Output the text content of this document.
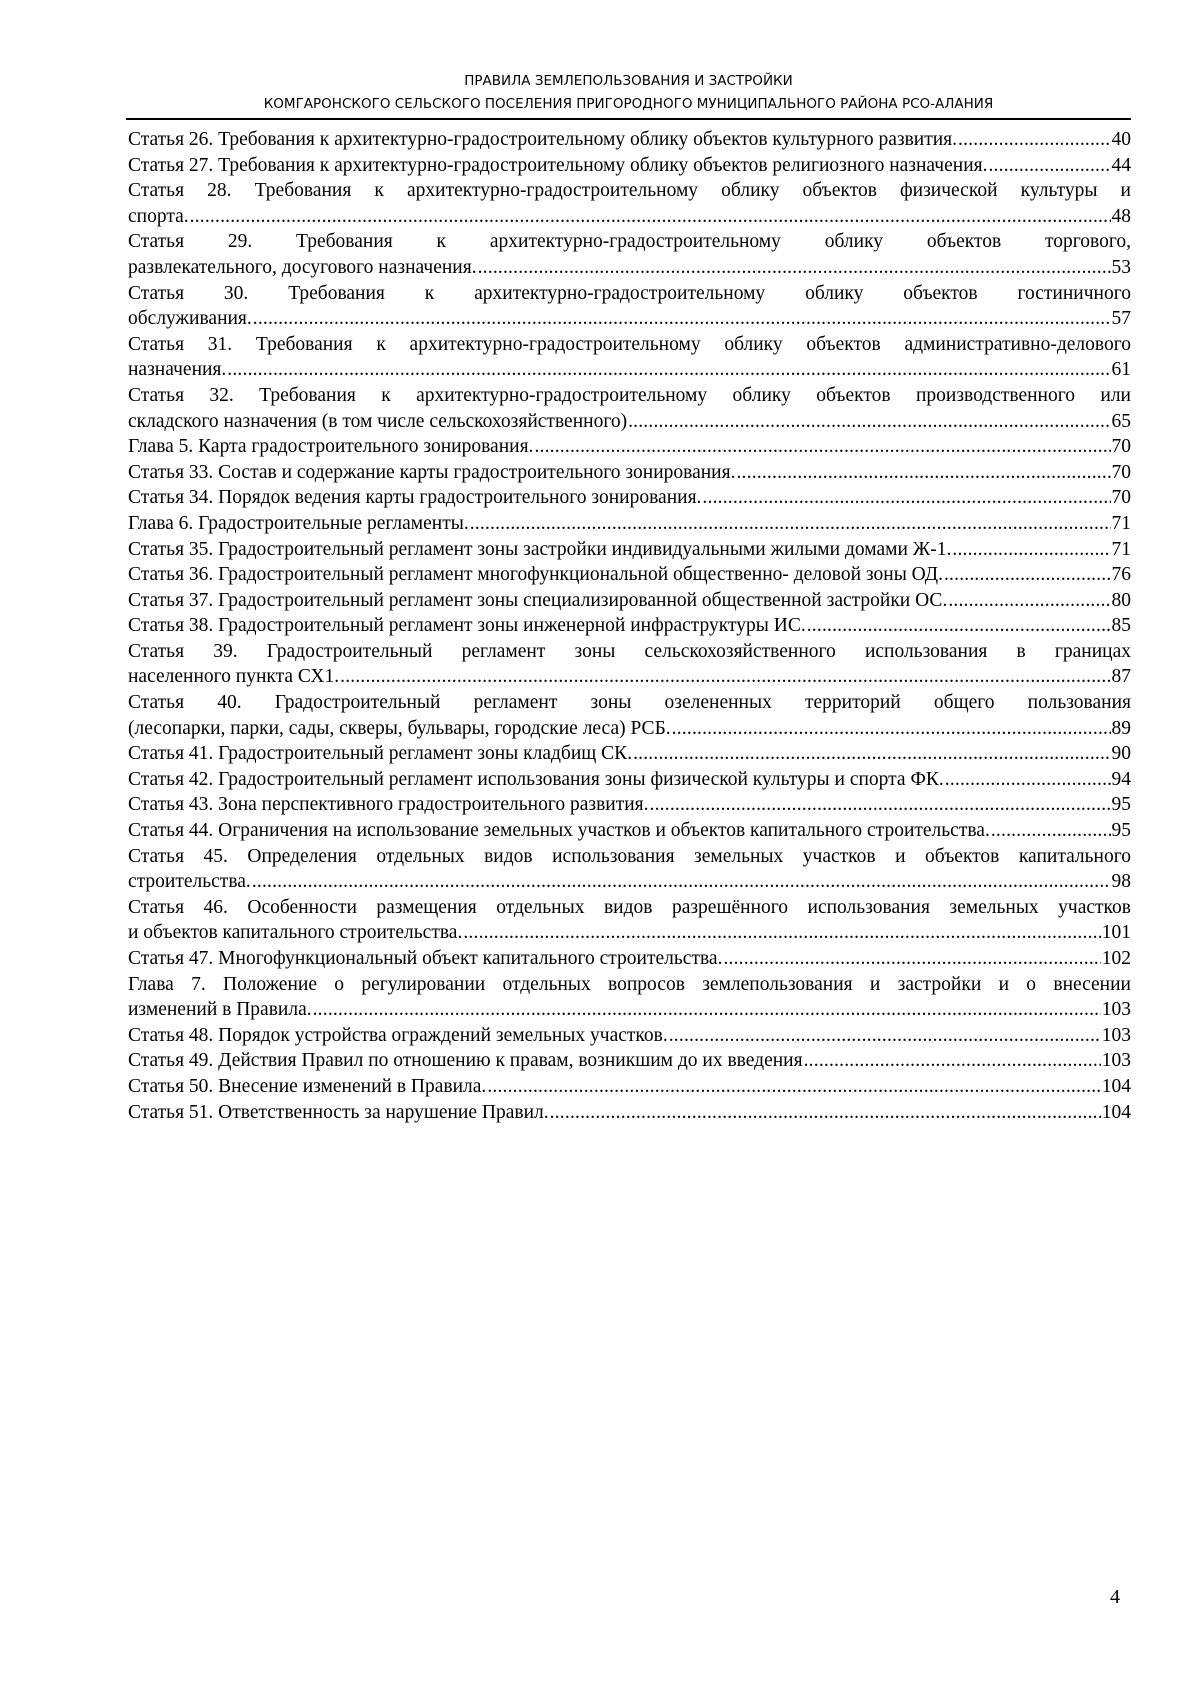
ПРАВИЛА ЗЕМЛЕПОЛЬЗОВАНИЯ И ЗАСТРОЙКИ
КОМГАРОНСКОГО СЕЛЬСКОГО ПОСЕЛЕНИЯ ПРИГОРОДНОГО МУНИЦИПАЛЬНОГО РАЙОНА РСО-АЛАНИЯ
Статья 26. Требования к архитектурно-градостроительному облику объектов культурного развития. .....	40
Статья 27. Требования к архитектурно-градостроительному облику объектов религиозного назначения. .....	44
Статья 28. Требования к архитектурно-градостроительному облику объектов физической культуры и
спорта. .....	48
Статья 29. Требования к архитектурно-градостроительному облику объектов торгового,
развлекательного, досугового назначения. .....	53
Статья 30. Требования к архитектурно-градостроительному облику объектов гостиничного
обслуживания. .....	57
Статья 31. Требования к архитектурно-градостроительному облику объектов административно-делового
назначения. .....	61
Статья 32. Требования к архитектурно-градостроительному облику объектов производственного или
складского назначения (в том числе сельскохозяйственного) .....	65
Глава 5. Карта градостроительного зонирования. .....	70
Статья 33. Состав и содержание карты градостроительного зонирования. .....	70
Статья 34. Порядок ведения карты градостроительного зонирования. .....	70
Глава 6. Градостроительные регламенты. .....	71
Статья 35. Градостроительный регламент зоны застройки индивидуальными жилыми домами Ж-1. .....	71
Статья 36. Градостроительный регламент многофункциональной общественно- деловой зоны ОД. .....	76
Статья 37. Градостроительный регламент зоны специализированной общественной застройки ОС. .....	80
Статья 38. Градостроительный регламент зоны инженерной инфраструктуры ИС. .....	85
Статья 39. Градостроительный регламент зоны сельскохозяйственного использования в границах
населенного пункта СХ1. .....	87
Статья 40. Градостроительный регламент зоны озелененных территорий общего пользования
(лесопарки, парки, сады, скверы, бульвары, городские леса) РСБ. .....	89
Статья 41. Градостроительный регламент зоны кладбищ СК. .....	90
Статья 42. Градостроительный регламент использования зоны физической культуры и спорта ФК. .....	94
Статья 43. Зона перспективного градостроительного развития. .....	95
Статья 44. Ограничения на использование земельных участков и объектов капитального строительства. .....	95
Статья 45. Определения отдельных видов использования земельных участков и объектов капитального
строительства. .....	98
Статья 46. Особенности размещения отдельных видов разрешённого использования земельных участков
и объектов капитального строительства. .....	101
Статья 47. Многофункциональный объект капитального строительства. .....	102
Глава 7. Положение о регулировании отдельных вопросов землепользования и застройки и о внесении
изменений в Правила. .....	103
Статья 48. Порядок устройства ограждений земельных участков. .....	103
Статья 49. Действия Правил по отношению к правам, возникшим до их введения .....	103
Статья 50. Внесение изменений в Правила. .....	104
Статья 51. Ответственность за нарушение Правил. .....	104
4
